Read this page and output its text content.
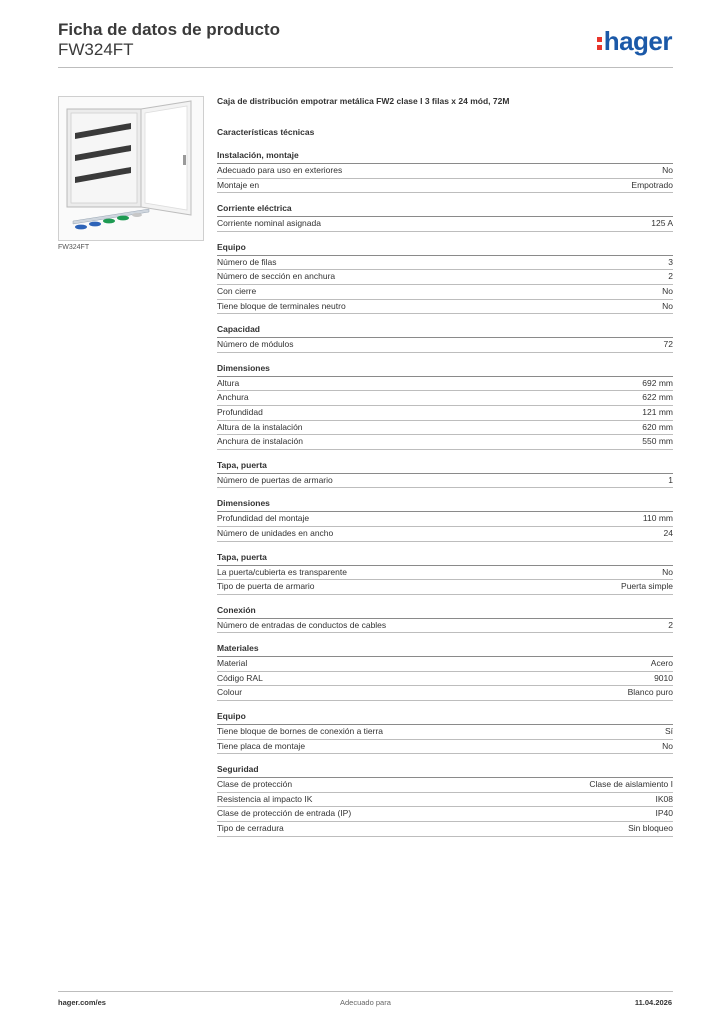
Ficha de datos de producto
FW324FT	hager
FW324FT
Caja de distribución empotrar metálica FW2 clase I 3 filas x 24 mód, 72M
Características técnicas
Instalación, montaje
Adecuado para uso en exteriores	No
Montaje en	Empotrado
Corriente eléctrica
Corriente nominal asignada	125 A
Equipo
Número de filas	3
Número de sección en anchura	2
Con cierre	No
Tiene bloque de terminales neutro	No
Capacidad
Número de módulos	72
Dimensiones
Altura	692 mm
Anchura	622 mm
Profundidad	121 mm
Altura de la instalación	620 mm
Anchura de instalación	550 mm
Tapa, puerta
Número de puertas de armario	1
Dimensiones
Profundidad del montaje	110 mm
Número de unidades en ancho	24
Tapa, puerta
La puerta/cubierta es transparente	No
Tipo de puerta de armario	Puerta simple
Conexión
Número de entradas de conductos de cables	2
Materiales
Material	Acero
Código RAL	9010
Colour	Blanco puro
Equipo
Tiene bloque de bornes de conexión a tierra	Sí
Tiene placa de montaje	No
Seguridad
Clase de protección	Clase de aislamiento I
Resistencia al impacto IK	IK08
Clase de protección de entrada (IP)	IP40
Tipo de cerradura	Sin bloqueo
hager.com/es	Adecuado para	11.04.2026
